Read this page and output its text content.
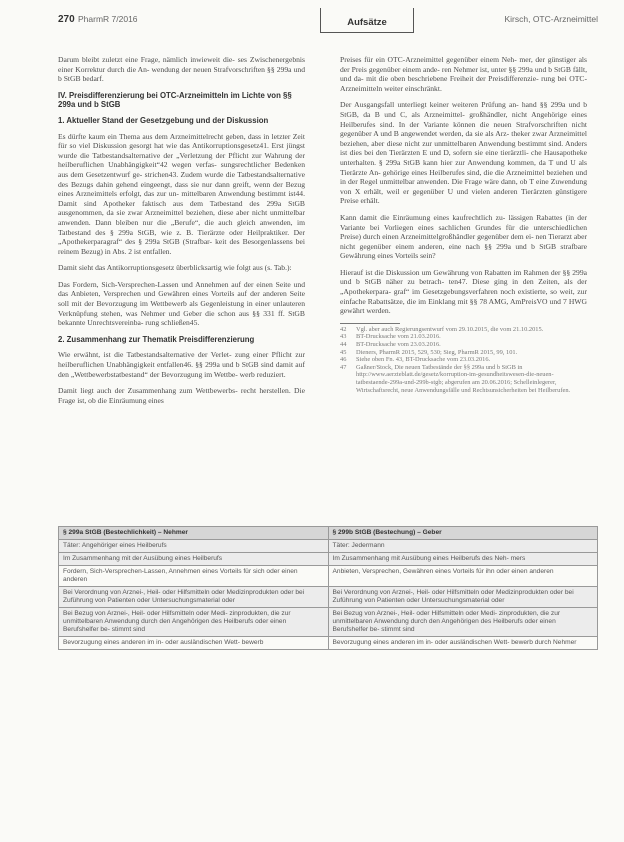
270 PharmR 7/2016	Aufsätze	Kirsch, OTC-Arzneimittel

Darum bleibt zuletzt eine Frage, nämlich inwieweit die- ses Zwischenergebnis einer Korrektur durch die An- wendung der neuen Strafvorschriften §§ 299a und b StGB bedarf.

IV. Preisdifferenzierung bei OTC-Arzneimitteln im Lichte von §§ 299a und b StGB
1. Aktueller Stand der Gesetzgebung und der Diskussion

Es dürfte kaum ein Thema aus dem Arzneimittelrecht geben, dass in letzter Zeit für so viel Diskussion gesorgt hat wie das Antikorruptionsgesetz41. Erst jüngst wurde die Tatbestandsalternative der „Verletzung der Pflicht zur Wahrung der heilberuflichen Unabhängigkeit“42 wegen verfas- sungsrechtlicher Bedenken aus dem Gesetzentwurf ge- strichen43. Zudem wurde die Tatbestandsalternative des Bezugs dahin gehend eingeengt, dass sie nur dann greift, wenn der Bezug eines Arzneimittels erfolgt, das zur un- mittelbaren Anwendung bestimmt ist44. Damit sind Apotheker faktisch aus dem Tatbestand des 299a StGB ausgenommen, da sie zwar Arzneimittel beziehen, diese aber nicht unmittelbar anwenden. Dann bleiben nur die „Berufe“, die auch gleich anwenden, im Tatbestand des § 299a StGB, wie z. B. Tierärzte oder Heilpraktiker. Der „Apothekerparagraf“ des § 299a StGB (Strafbar- keit des Besorgenlassens bei reinem Bezug) in Abs. 2 ist entfallen.

Damit sieht das Antikorruptionsgesetz überblicksartig wie folgt aus (s. Tab.):

Das Fordern, Sich-Versprechen-Lassen und Annehmen auf der einen Seite und das Anbieten, Versprechen und Gewähren eines Vorteils auf der anderen Seite soll mit der Bevorzugung im Wettbewerb als Gegenleistung in einer unlauteren Verknüpfung stehen, was Nehmer und Geber die schon aus §§ 331 ff. StGB bekannte Unrechtsvereinba- rung schließen45.

2. Zusammenhang zur Thematik Preisdifferenzierung

Wie erwähnt, ist die Tatbestandsalternative der Verlet- zung einer Pflicht zur heilberuflichen Unabhängigkeit entfallen46. §§ 299a und b StGB sind damit auf den „Wettbewerbstatbestand“ der Bevorzugung im Wettbe- werb reduziert.

Damit liegt auch der Zusammenhang zum Wettbewerbs- recht herstellen. Die Frage ist, ob die Einräumung eines

Preises für ein OTC-Arzneimittel gegenüber einem Neh- mer, der günstiger als der Preis gegenüber einem ande- ren Nehmer ist, unter §§ 299a und b StGB fällt, und da- mit die oben beschriebene Freiheit der Preisdifferenzie- rung bei OTC-Arzneimitteln weiter einschränkt.

Der Ausgangsfall unterliegt keiner weiteren Prüfung an- hand §§ 299a und b StGB, da B und C, als Arzneimittel- großhändler, nicht Angehörige eines Heilberufes sind. In der Variante können die neuen Strafvorschriften nicht gegenüber A und B angewendet werden, da sie als Arz- theker zwar Arzneimittel beziehen, aber diese nicht zur unmittelbaren Anwendung bestimmt sind. Anders ist dies bei den Tierärzten E und D, sofern sie eine tierärztli- che Hausapotheke unterhalten. § 299a StGB kann hier zur Anwendung kommen, da T und U als Tierärzte An- gehörige eines Heilberufes sind, die die Arzneimittel beziehen und in der Regel unmittelbar anwenden. Die Frage wäre dann, ob T eine Zuwendung von X erhält, weil er gegenüber U und vielen anderen Tierärzten günstigere Preise erhält.

Kann damit die Einräumung eines kaufrechtlich zu- lässigen Rabattes (in der Variante bei Vorliegen eines sachlichen Grundes für die unterschiedlichen Preise) durch einen Arzneimittelgroßhändler gegenüber dem ei- nen Tierarzt aber nicht gegenüber einem anderen, eine nach §§ 299a und b StGB strafbare Gewährung eines Vorteils sein?

Hierauf ist die Diskussion um Gewährung von Rabatten im Rahmen der §§ 299a und b StGB näher zu betrach- ten47. Diese ging in den Zeiten, als der „Apothekerpara- graf“ im Gesetzgebungsverfahren noch existierte, so weit, zur einfache Rabattsätze, die im Einklang mit §§ 78 AMG, AmPreisVO und 7 HWG gewährt werden.

42	Vgl. aber auch Regierungsentwurf vom 29.10.2015, die vom 21.10.2015.
43	BT-Drucksache vom 21.03.2016.
44	BT-Drucksache vom 23.03.2016.
45	Dieners, PharmR 2015, 529, 530; Sieg, PharmR 2015, 99, 101.
46	Siehe oben Fn. 43, BT-Drucksache vom 23.03.2016.
47	Gaßner/Stock, Die neuen Tatbestände der §§ 299a und b StGB in http://www.aerzteblatt.de/gesetz/korruption-im-gesundheitswesen-die-neuen-tatbestaende-299a-und-299b-stgb; abgerufen am 20.06.2016; Schelleinlegerer, Wirtschaftsrecht, neue Anwendungsfälle und Rechtsunsicherheiten bei Heilberufen.
§ 299a StGB (Bestechlichkeit) – Nehmer	§ 299b StGB (Bestechung) – Geber
Täter: Angehöriger eines Heilberufs	Täter: Jedermann
Im Zusammenhang mit der Ausübung eines Heilberufs	Im Zusammenhang mit Ausübung eines Heilberufs des Neh- mers
Fordern, Sich-Versprechen-Lassen, Annehmen eines Vorteils für sich oder einen anderen	Anbieten, Versprechen, Gewähren eines Vorteils für ihn oder einen anderen
Bei Verordnung von Arznei-, Heil- oder Hilfsmitteln oder Medizinprodukten oder bei Zuführung von Patienten oder Untersuchungsmaterial oder	Bei Verordnung von Arznei-, Heil- oder Hilfsmitteln oder Medizinprodukten oder bei Zuführung von Patienten oder Untersuchungsmaterial oder
Bei Bezug von Arznei-, Heil- oder Hilfsmitteln oder Medi- zinprodukten, die zur unmittelbaren Anwendung durch den Angehörigen des Heilberufs oder einen Berufshelfer be- stimmt sind	Bei Bezug von Arznei-, Heil- oder Hilfsmitteln oder Medi- zinprodukten, die zur unmittelbaren Anwendung durch den Angehörigen des Heilberufs oder einen Berufshelfer be- stimmt sind
Bevorzugung eines anderen im in- oder ausländischen Wett- bewerb	Bevorzugung eines anderen im in- oder ausländischen Wett- bewerb durch Nehmer
